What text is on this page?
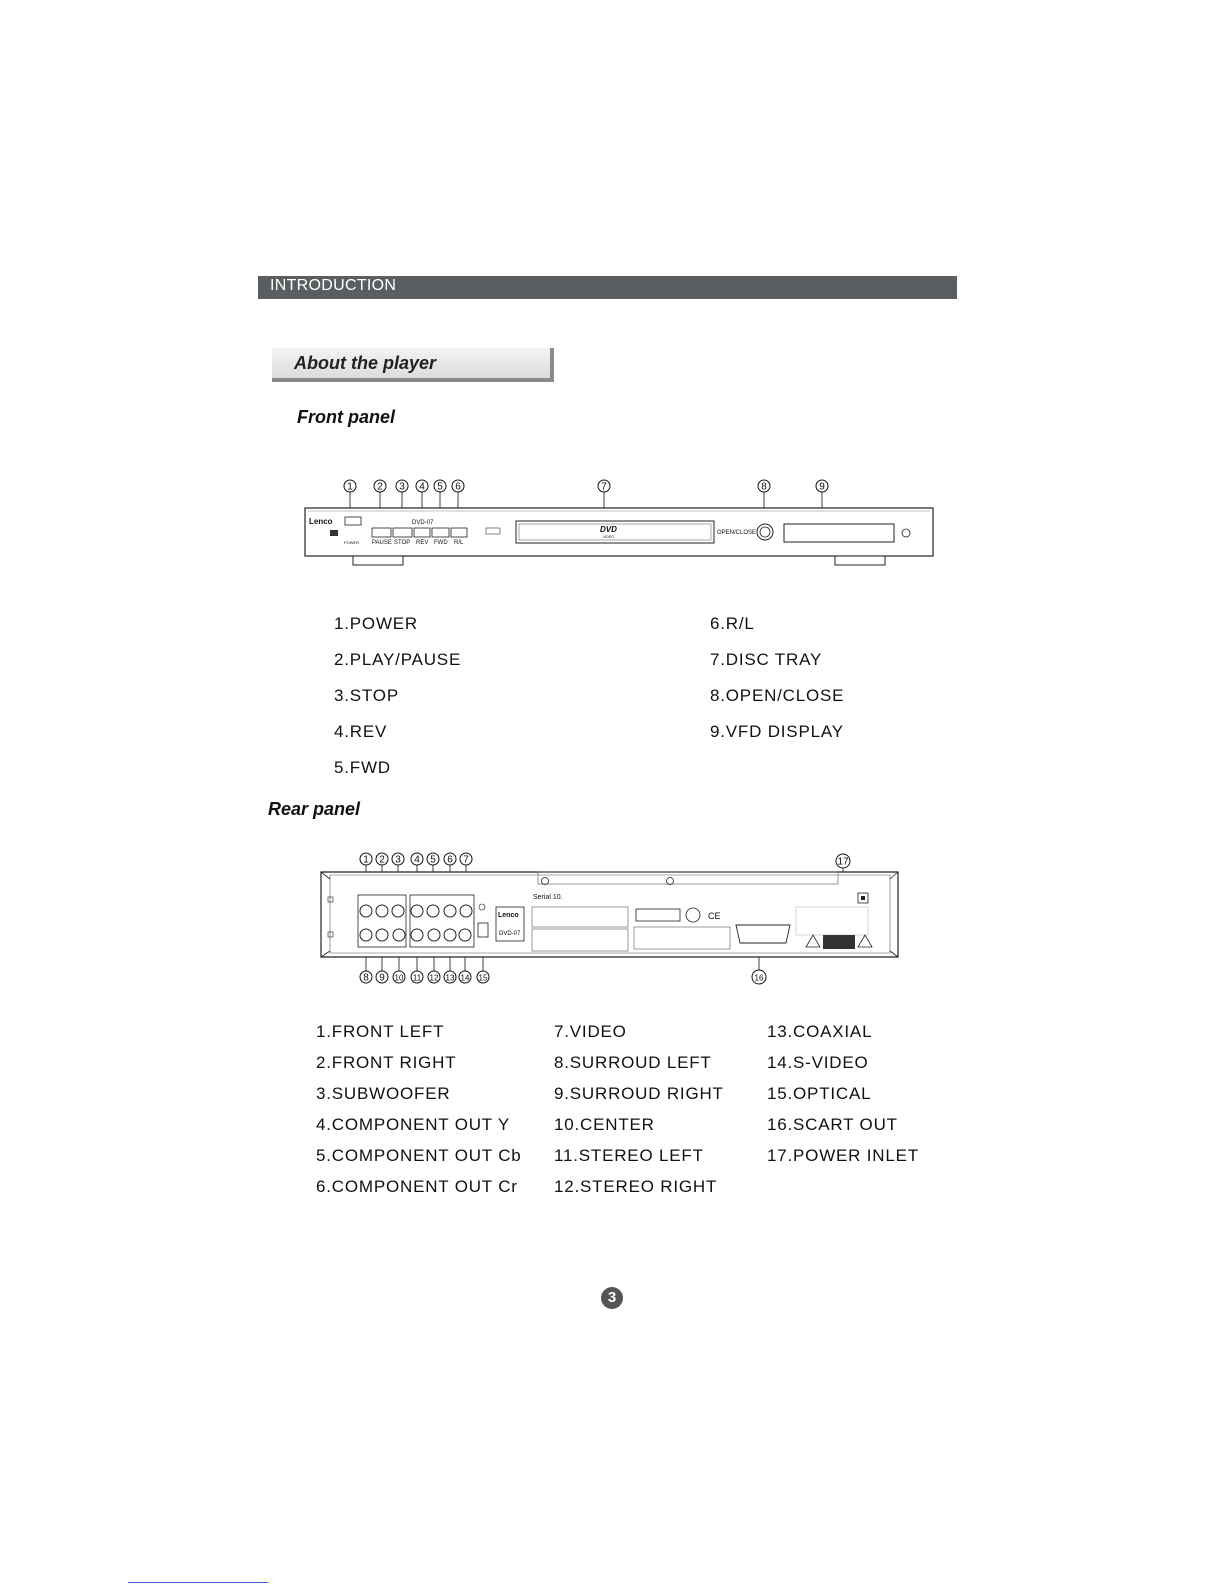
INTRODUCTION
About the player
Front panel
1 2 3 4 5 6	7	8	9
Lenco
POWER
DVD-07
PAUSE STOP REV FWD R/L
DVD
VIDEO
OPEN/CLOSE
1.POWER
2.PLAY/PAUSE
3.STOP
4.REV
5.FWD
6.R/L
7.DISC TRAY
8.OPEN/CLOSE
9.VFD DISPLAY
Rear panel
1 2 3 4 5 6 7	17
8 9 10 11 12 13 14 15	16
Lenco
DVD-07
Serial 10.
CE
1.FRONT LEFT
2.FRONT RIGHT
3.SUBWOOFER
4.COMPONENT OUT Y
5.COMPONENT OUT Cb
6.COMPONENT OUT Cr
7.VIDEO
8.SURROUD LEFT
9.SURROUD RIGHT
10.CENTER
11.STEREO LEFT
12.STEREO RIGHT
13.COAXIAL
14.S-VIDEO
15.OPTICAL
16.SCART OUT
17.POWER INLET
3
